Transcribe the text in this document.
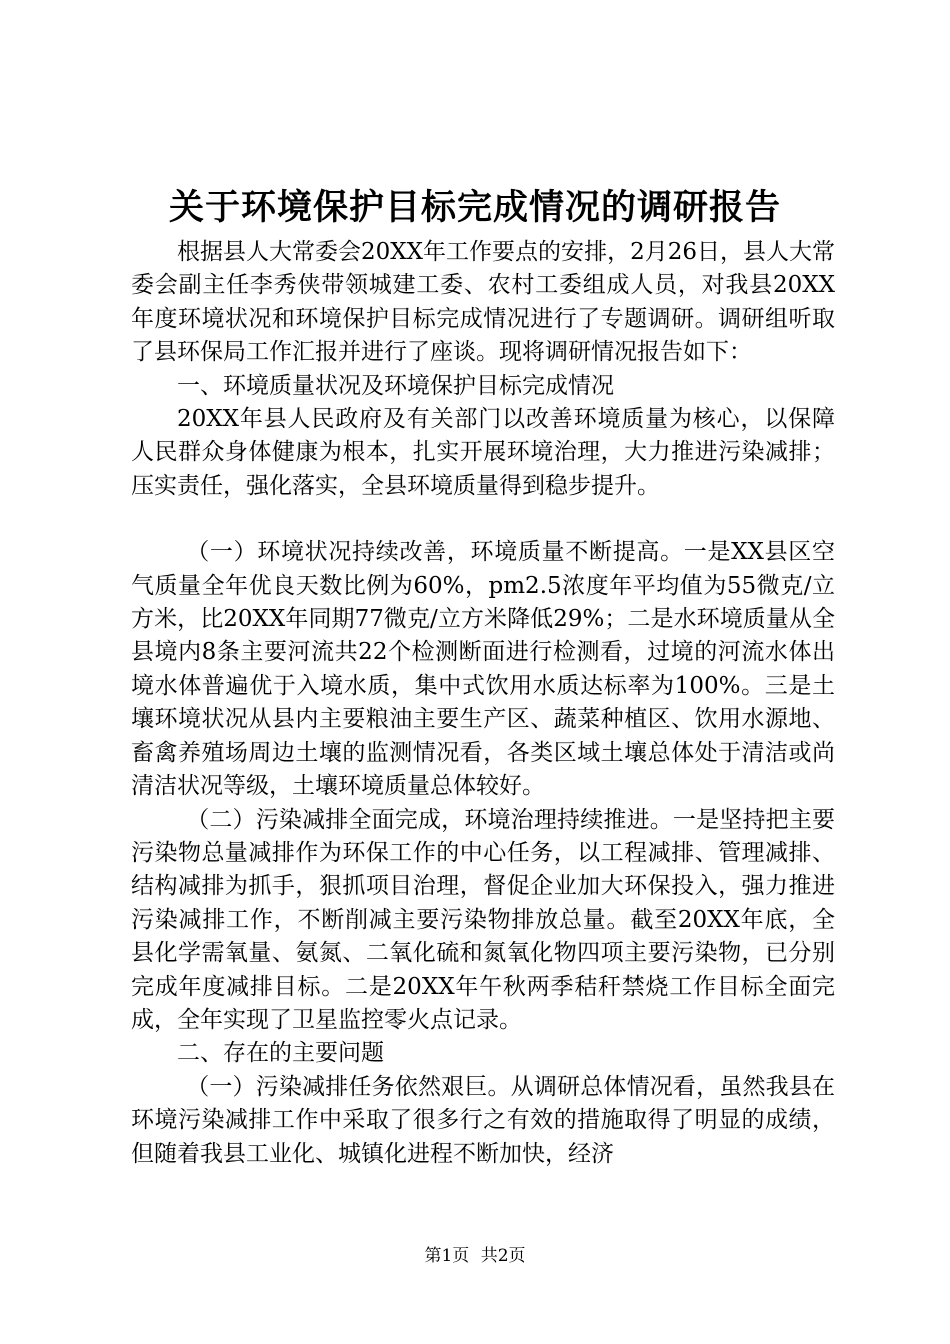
关于环境保护目标完成情况的调研报告

根据县人大常委会20XX年工作要点的安排，2月26日，县人大常委会副主任李秀侠带领城建工委、农村工委组成人员，对我县20XX年度环境状况和环境保护目标完成情况进行了专题调研。调研组听取了县环保局工作汇报并进行了座谈。现将调研情况报告如下：

一、环境质量状况及环境保护目标完成情况

20XX年县人民政府及有关部门以改善环境质量为核心，以保障人民群众身体健康为根本，扎实开展环境治理，大力推进污染减排；压实责任，强化落实，全县环境质量得到稳步提升。

（一）环境状况持续改善，环境质量不断提高。一是XX县区空气质量全年优良天数比例为60%，pm2.5浓度年平均值为55微克/立方米，比20XX年同期77微克/立方米降低29%；二是水环境质量从全县境内8条主要河流共22个检测断面进行检测看，过境的河流水体出境水体普遍优于入境水质，集中式饮用水质达标率为100%。三是土壤环境状况从县内主要粮油主要生产区、蔬菜种植区、饮用水源地、畜禽养殖场周边土壤的监测情况看，各类区域土壤总体处于清洁或尚清洁状况等级，土壤环境质量总体较好。

（二）污染减排全面完成，环境治理持续推进。一是坚持把主要污染物总量减排作为环保工作的中心任务，以工程减排、管理减排、结构减排为抓手，狠抓项目治理，督促企业加大环保投入，强力推进污染减排工作，不断削减主要污染物排放总量。截至20XX年底，全县化学需氧量、氨氮、二氧化硫和氮氧化物四项主要污染物，已分别完成年度减排目标。二是20XX年午秋两季秸秆禁烧工作目标全面完成，全年实现了卫星监控零火点记录。

二、存在的主要问题

（一）污染减排任务依然艰巨。从调研总体情况看，虽然我县在环境污染减排工作中采取了很多行之有效的措施取得了明显的成绩，但随着我县工业化、城镇化进程不断加快，经济

第1页 共2页
